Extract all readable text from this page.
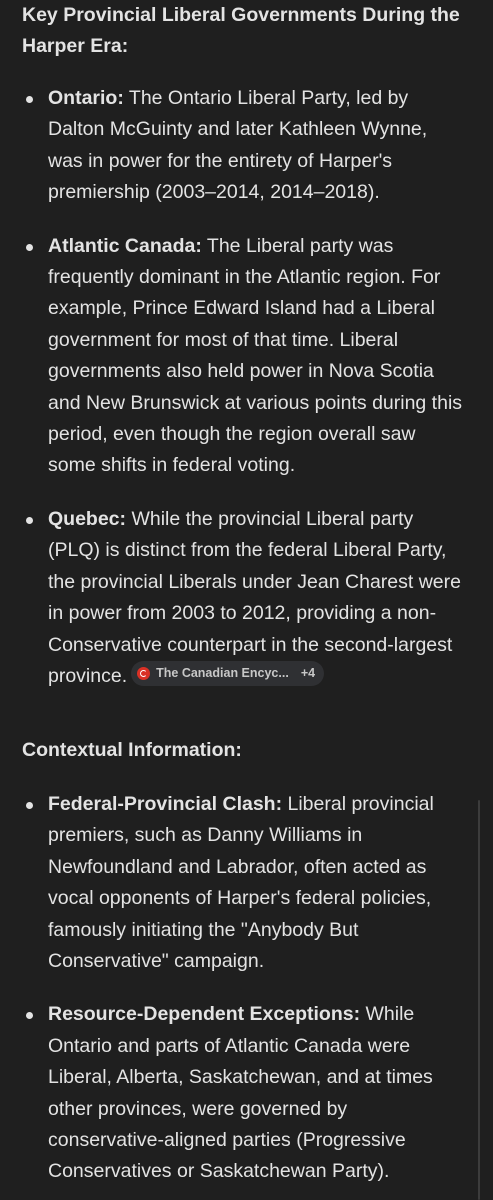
Key Provincial Liberal Governments During the Harper Era:
Ontario: The Ontario Liberal Party, led by Dalton McGuinty and later Kathleen Wynne, was in power for the entirety of Harper's premiership (2003–2014, 2014–2018).
Atlantic Canada: The Liberal party was frequently dominant in the Atlantic region. For example, Prince Edward Island had a Liberal government for most of that time. Liberal governments also held power in Nova Scotia and New Brunswick at various points during this period, even though the region overall saw some shifts in federal voting.
Quebec: While the provincial Liberal party (PLQ) is distinct from the federal Liberal Party, the provincial Liberals under Jean Charest were in power from 2003 to 2012, providing a non-Conservative counterpart in the second-largest province. The Canadian Encyc... +4
Contextual Information:
Federal-Provincial Clash: Liberal provincial premiers, such as Danny Williams in Newfoundland and Labrador, often acted as vocal opponents of Harper's federal policies, famously initiating the "Anybody But Conservative" campaign.
Resource-Dependent Exceptions: While Ontario and parts of Atlantic Canada were Liberal, Alberta, Saskatchewan, and at times other provinces, were governed by conservative-aligned parties (Progressive Conservatives or Saskatchewan Party).
